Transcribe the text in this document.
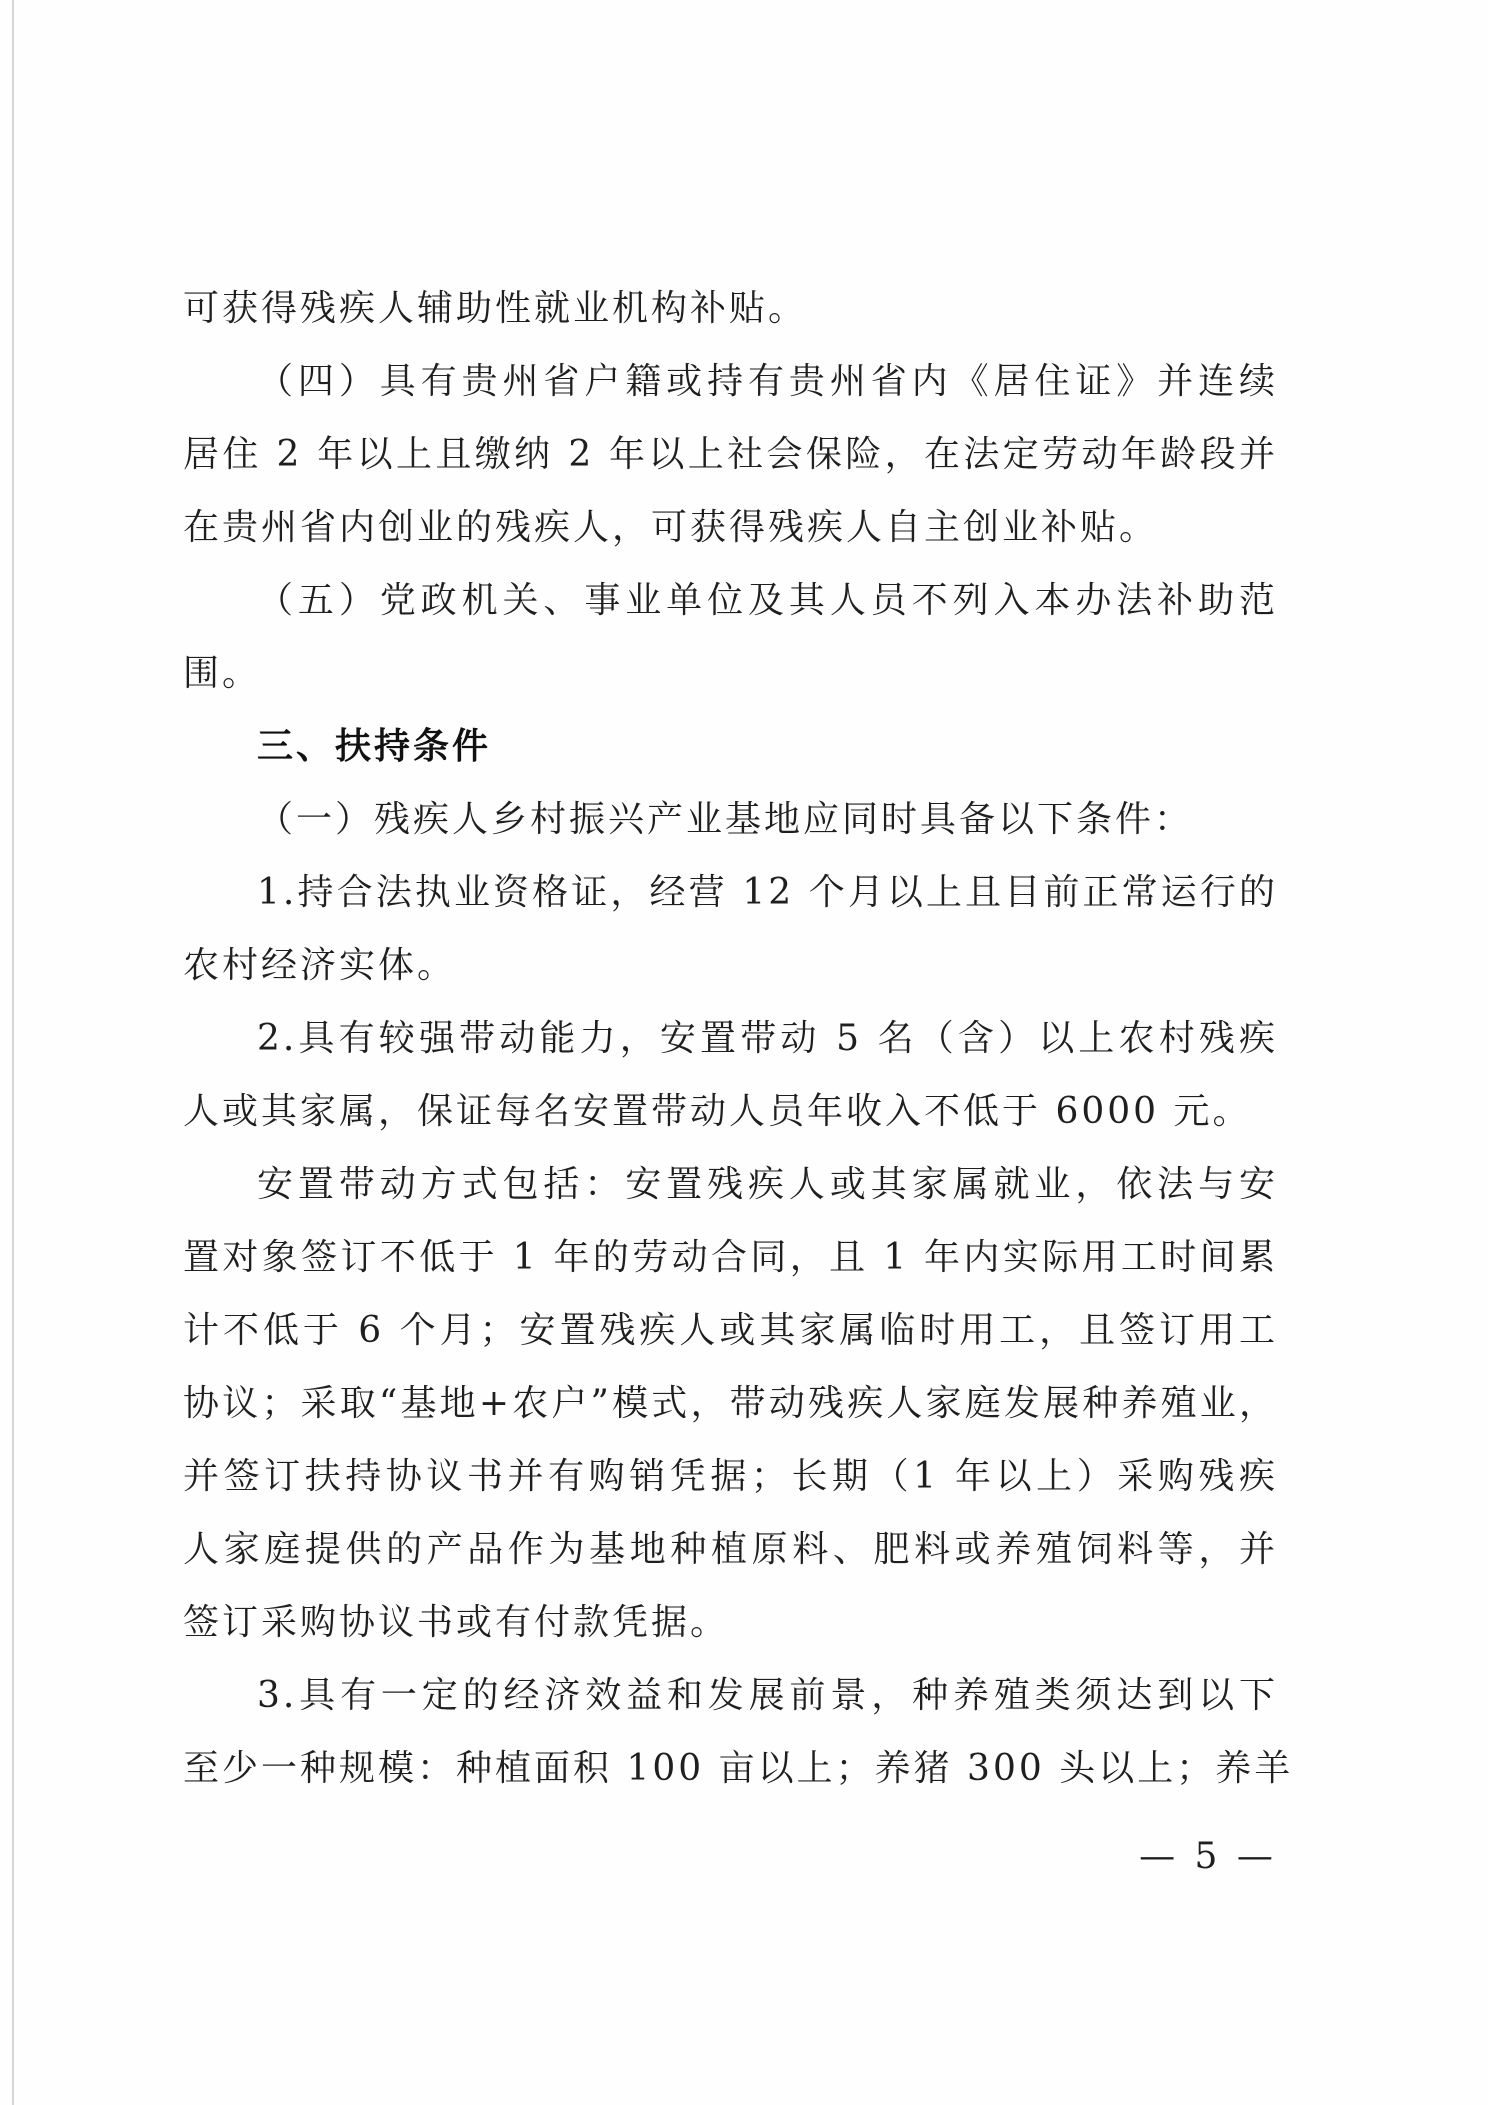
可获得残疾人辅助性就业机构补贴。
（四）具有贵州省户籍或持有贵州省内《居住证》并连续
居住 2 年以上且缴纳 2 年以上社会保险，在法定劳动年龄段并
在贵州省内创业的残疾人，可获得残疾人自主创业补贴。
（五）党政机关、事业单位及其人员不列入本办法补助范
围。
三、扶持条件
（一）残疾人乡村振兴产业基地应同时具备以下条件：
1.持合法执业资格证，经营 12 个月以上且目前正常运行的
农村经济实体。
2.具有较强带动能力，安置带动 5 名（含）以上农村残疾
人或其家属，保证每名安置带动人员年收入不低于 6000 元。
安置带动方式包括：安置残疾人或其家属就业，依法与安
置对象签订不低于 1 年的劳动合同，且 1 年内实际用工时间累
计不低于 6 个月；安置残疾人或其家属临时用工，且签订用工
协议；采取“基地+农户”模式，带动残疾人家庭发展种养殖业，
并签订扶持协议书并有购销凭据；长期（1 年以上）采购残疾
人家庭提供的产品作为基地种植原料、肥料或养殖饲料等，并
签订采购协议书或有付款凭据。
3.具有一定的经济效益和发展前景，种养殖类须达到以下
至少一种规模：种植面积 100 亩以上；养猪 300 头以上；养羊
— 5 —
